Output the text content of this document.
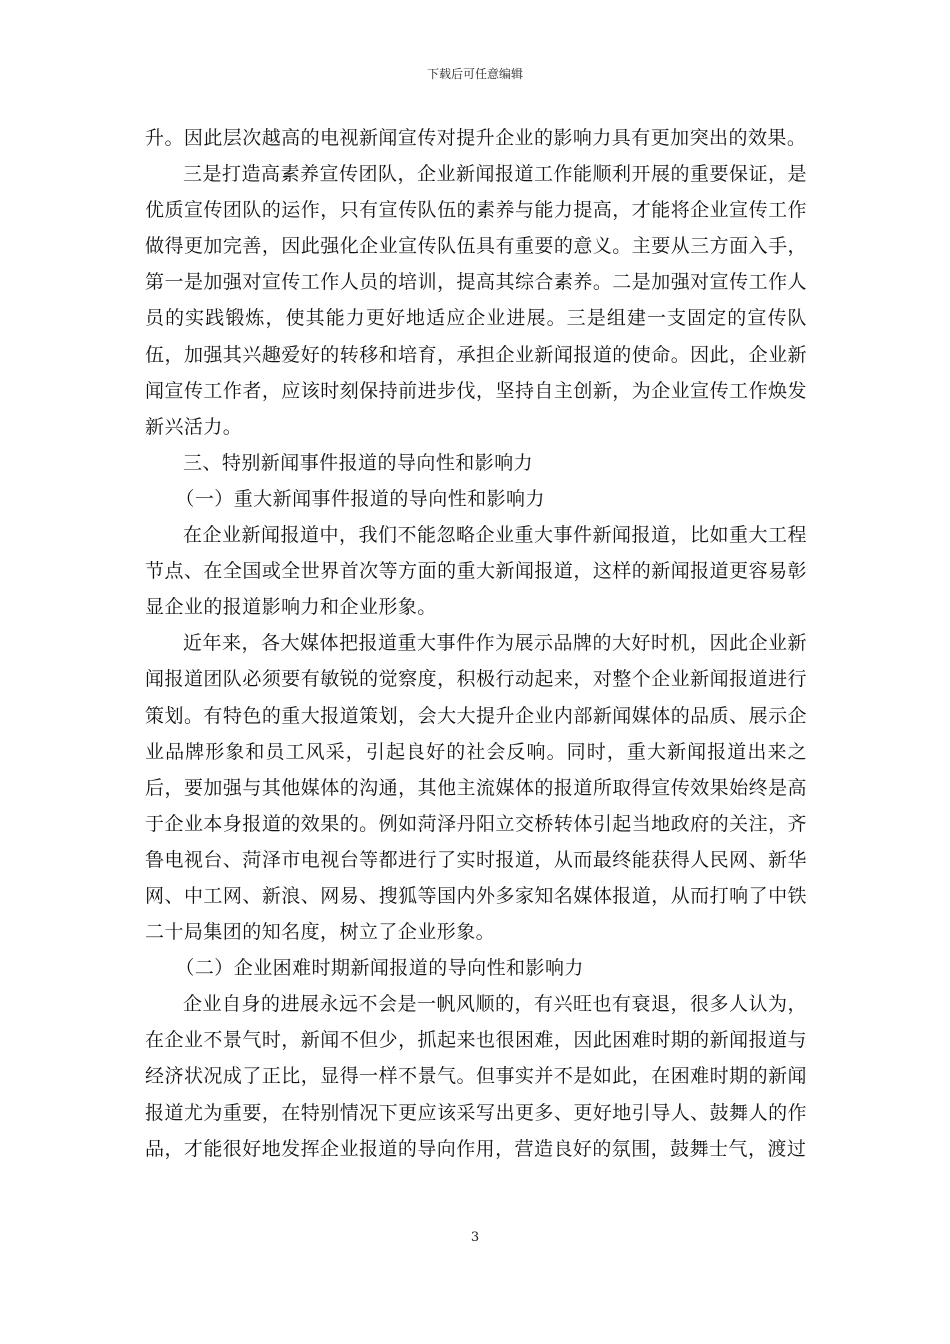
下载后可任意编辑

升。因此层次越高的电视新闻宣传对提升企业的影响力具有更加突出的效果。

三是打造高素养宣传团队，企业新闻报道工作能顺利开展的重要保证，是优质宣传团队的运作，只有宣传队伍的素养与能力提高，才能将企业宣传工作做得更加完善，因此强化企业宣传队伍具有重要的意义。主要从三方面入手，第一是加强对宣传工作人员的培训，提高其综合素养。二是加强对宣传工作人员的实践锻炼，使其能力更好地适应企业进展。三是组建一支固定的宣传队伍，加强其兴趣爱好的转移和培育，承担企业新闻报道的使命。因此，企业新闻宣传工作者，应该时刻保持前进步伐，坚持自主创新，为企业宣传工作焕发新兴活力。

三、特别新闻事件报道的导向性和影响力

（一）重大新闻事件报道的导向性和影响力

在企业新闻报道中，我们不能忽略企业重大事件新闻报道，比如重大工程节点、在全国或全世界首次等方面的重大新闻报道，这样的新闻报道更容易彰显企业的报道影响力和企业形象。

近年来，各大媒体把报道重大事件作为展示品牌的大好时机，因此企业新闻报道团队必须要有敏锐的觉察度，积极行动起来，对整个企业新闻报道进行策划。有特色的重大报道策划，会大大提升企业内部新闻媒体的品质、展示企业品牌形象和员工风采，引起良好的社会反响。同时，重大新闻报道出来之后，要加强与其他媒体的沟通，其他主流媒体的报道所取得宣传效果始终是高于企业本身报道的效果的。例如菏泽丹阳立交桥转体引起当地政府的关注，齐鲁电视台、菏泽市电视台等都进行了实时报道，从而最终能获得人民网、新华网、中工网、新浪、网易、搜狐等国内外多家知名媒体报道，从而打响了中铁二十局集团的知名度，树立了企业形象。

（二）企业困难时期新闻报道的导向性和影响力

企业自身的进展永远不会是一帆风顺的，有兴旺也有衰退，很多人认为，在企业不景气时，新闻不但少，抓起来也很困难，因此困难时期的新闻报道与经济状况成了正比，显得一样不景气。但事实并不是如此，在困难时期的新闻报道尤为重要，在特别情况下更应该采写出更多、更好地引导人、鼓舞人的作品，才能很好地发挥企业报道的导向作用，营造良好的氛围，鼓舞士气，渡过

3
